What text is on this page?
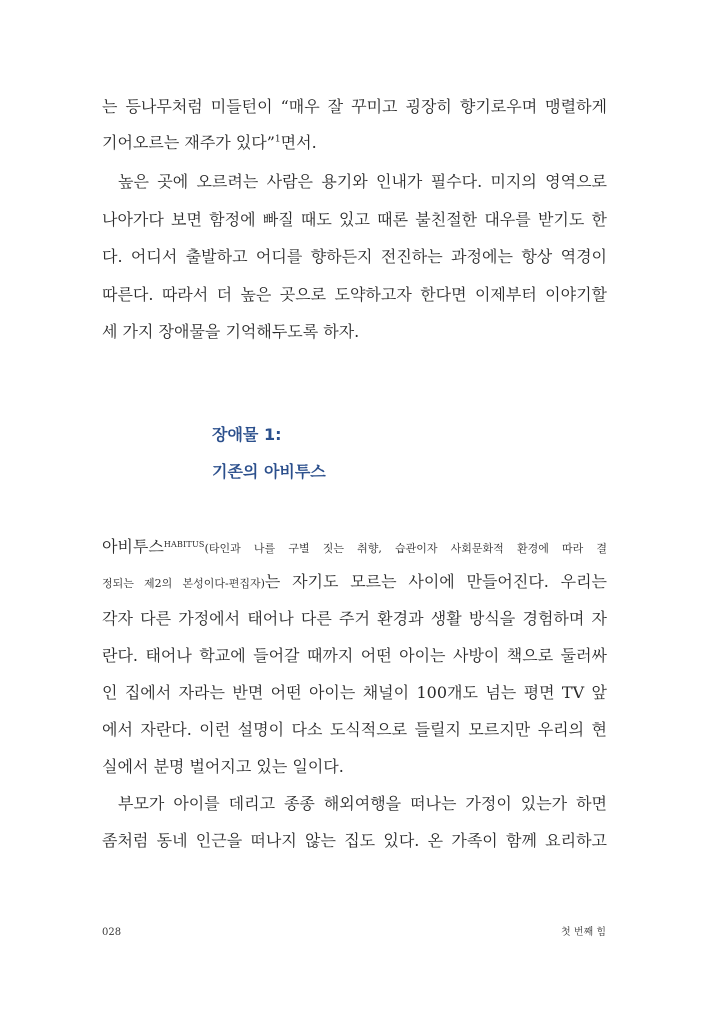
는 등나무처럼 미들턴이 “매우 잘 꾸미고 굉장히 향기로우며 맹렬하게
기어오르는 재주가 있다”$^1$면서.
높은 곳에 오르려는 사람은 용기와 인내가 필수다. 미지의 영역으로
나아가다 보면 함정에 빠질 때도 있고 때론 불친절한 대우를 받기도 한
다. 어디서 출발하고 어디를 향하든지 전진하는 과정에는 항상 역경이
따른다. 따라서 더 높은 곳으로 도약하고자 한다면 이제부터 이야기할
세 가지 장애물을 기억해두도록 하자.
장애물 1:
기존의 아비투스
아비투스$^{HABITUS}$(타인과 나를 구별 짓는 취향, 습관이자 사회문화적 환경에 따라 결
정되는 제2의 본성이다-편집자)는 자기도 모르는 사이에 만들어진다. 우리는
각자 다른 가정에서 태어나 다른 주거 환경과 생활 방식을 경험하며 자
란다. 태어나 학교에 들어갈 때까지 어떤 아이는 사방이 책으로 둘러싸
인 집에서 자라는 반면 어떤 아이는 채널이 100개도 넘는 평면 TV 앞
에서 자란다. 이런 설명이 다소 도식적으로 들릴지 모르지만 우리의 현
실에서 분명 벌어지고 있는 일이다.
부모가 아이를 데리고 종종 해외여행을 떠나는 가정이 있는가 하면
좀처럼 동네 인근을 떠나지 않는 집도 있다. 온 가족이 함께 요리하고
028	첫 번째 힘
